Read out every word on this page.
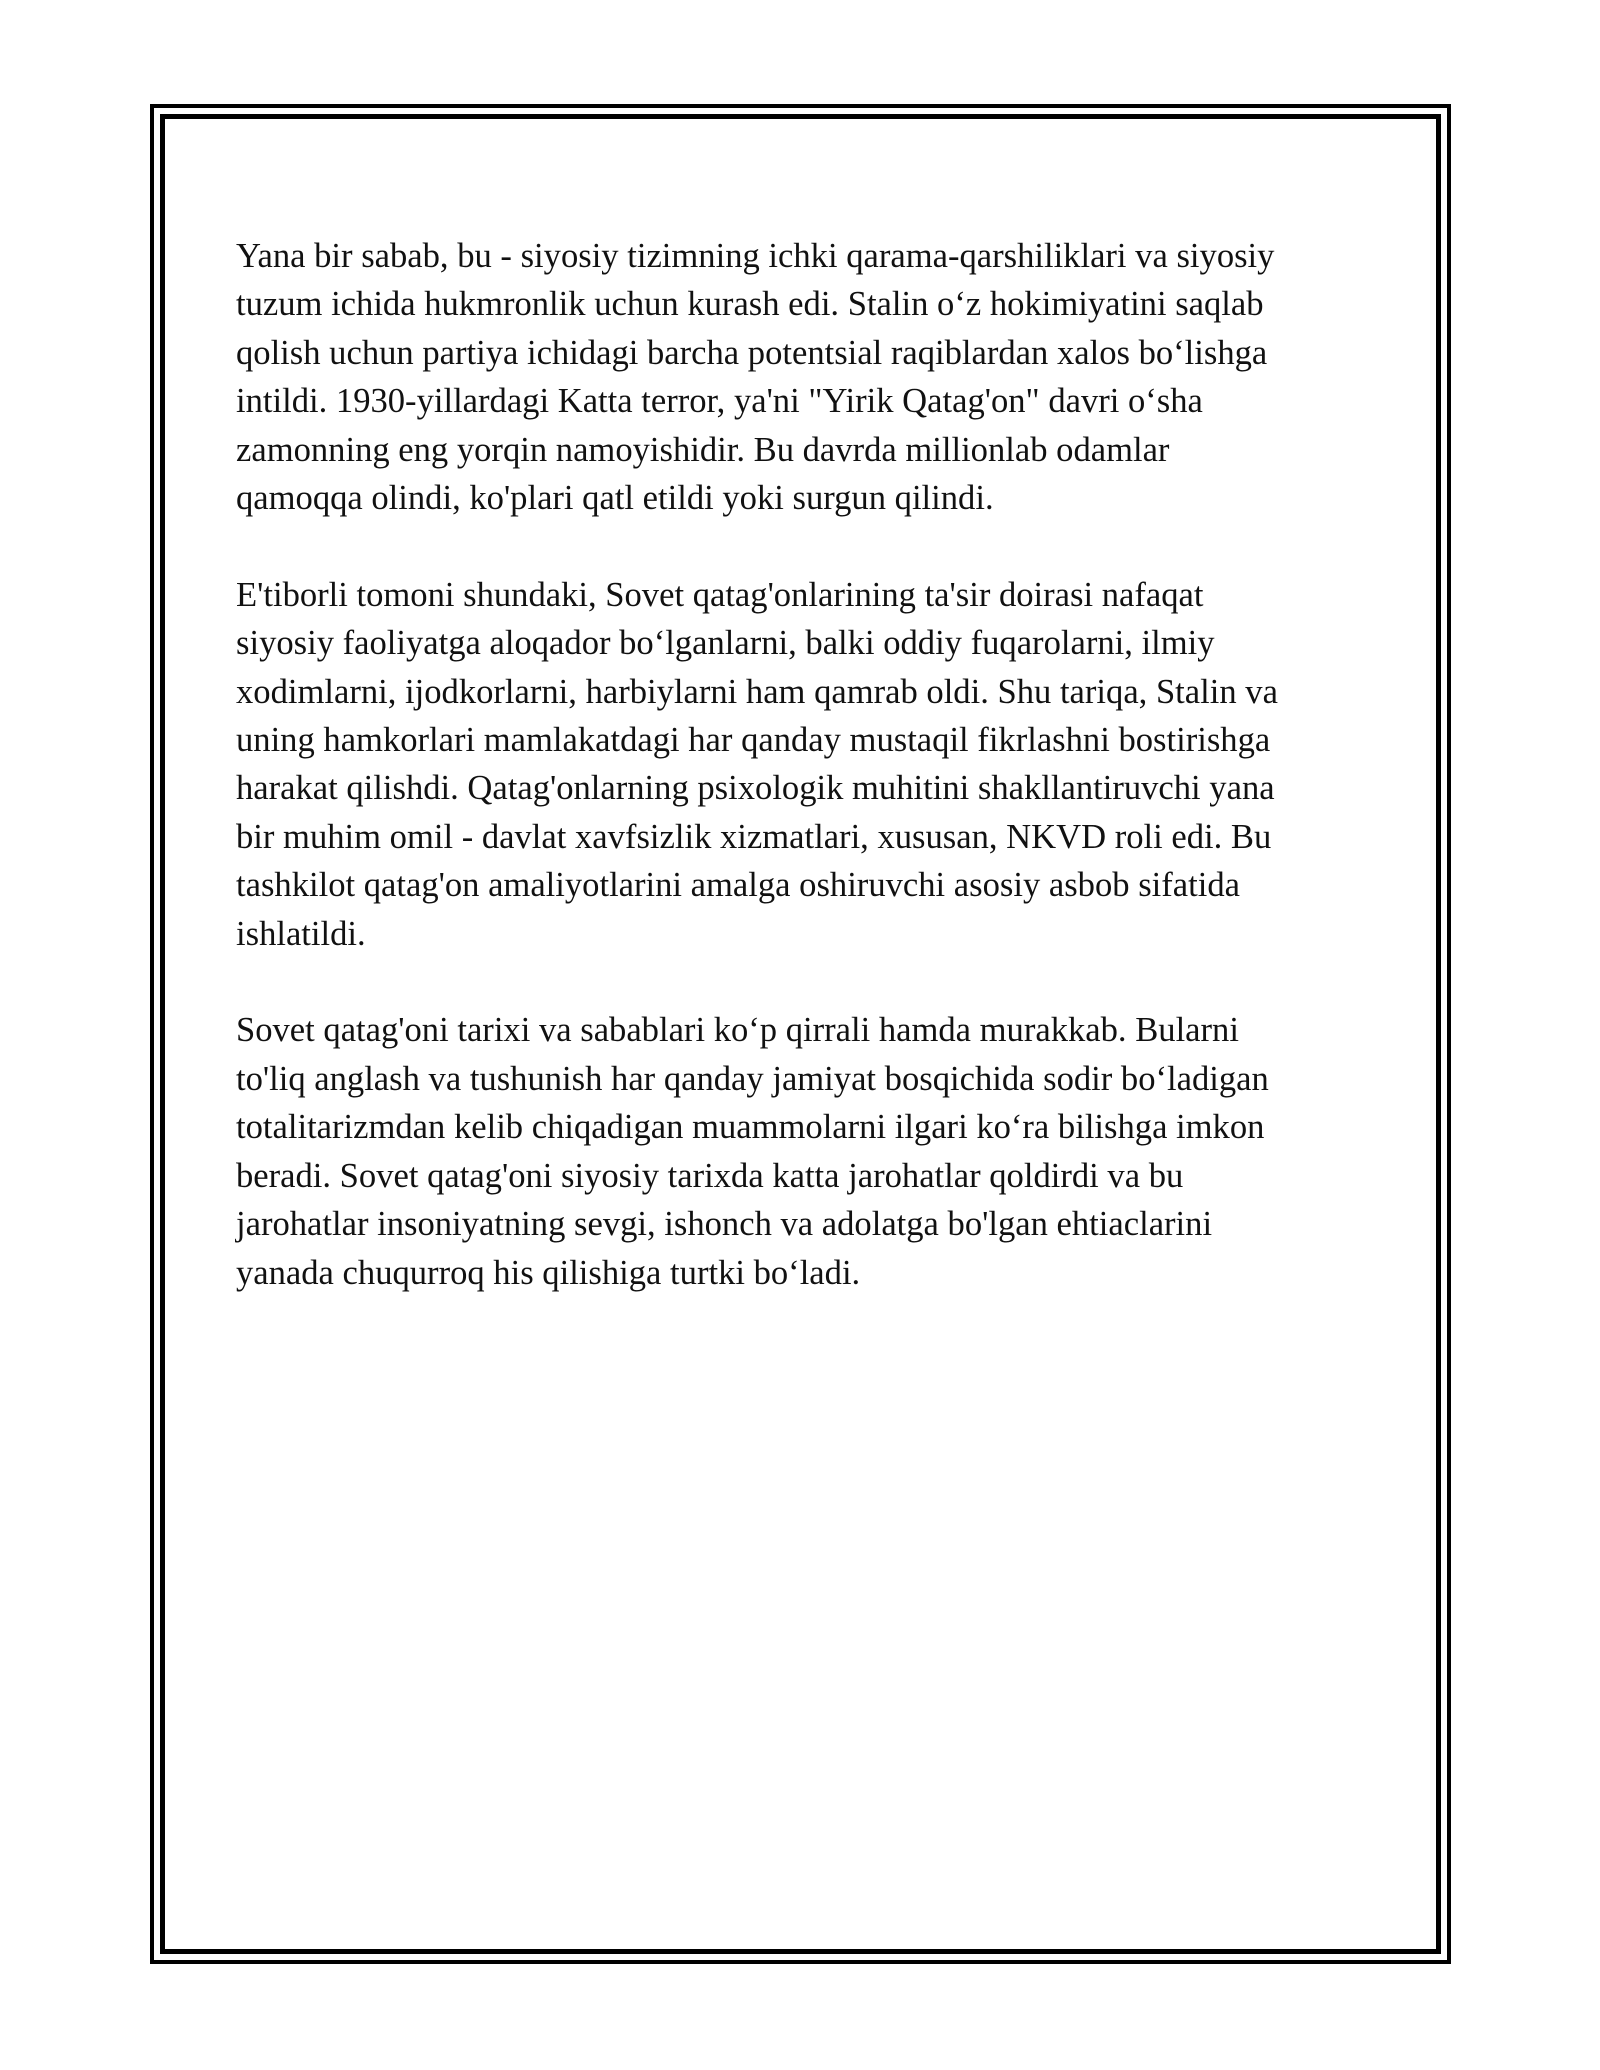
Yana bir sabab, bu - siyosiy tizimning ichki qarama-qarshiliklari va siyosiy
tuzum ichida hukmronlik uchun kurash edi. Stalin o‘z hokimiyatini saqlab
qolish uchun partiya ichidagi barcha potentsial raqiblardan xalos bo‘lishga
intildi. 1930-yillardagi Katta terror, ya'ni "Yirik Qatag'on" davri o‘sha
zamonning eng yorqin namoyishidir. Bu davrda millionlab odamlar
qamoqqa olindi, ko'plari qatl etildi yoki surgun qilindi.

E'tiborli tomoni shundaki, Sovet qatag'onlarining ta'sir doirasi nafaqat
siyosiy faoliyatga aloqador bo‘lganlarni, balki oddiy fuqarolarni, ilmiy
xodimlarni, ijodkorlarni, harbiylarni ham qamrab oldi. Shu tariqa, Stalin va
uning hamkorlari mamlakatdagi har qanday mustaqil fikrlashni bostirishga
harakat qilishdi. Qatag'onlarning psixologik muhitini shakllantiruvchi yana
bir muhim omil - davlat xavfsizlik xizmatlari, xususan, NKVD roli edi. Bu
tashkilot qatag'on amaliyotlarini amalga oshiruvchi asosiy asbob sifatida
ishlatildi.

Sovet qatag'oni tarixi va sabablari ko‘p qirrali hamda murakkab. Bularni
to'liq anglash va tushunish har qanday jamiyat bosqichida sodir bo‘ladigan
totalitarizmdan kelib chiqadigan muammolarni ilgari ko‘ra bilishga imkon
beradi. Sovet qatag'oni siyosiy tarixda katta jarohatlar qoldirdi va bu
jarohatlar insoniyatning sevgi, ishonch va adolatga bo'lgan ehtiaclarini
yanada chuqurroq his qilishiga turtki bo‘ladi.
